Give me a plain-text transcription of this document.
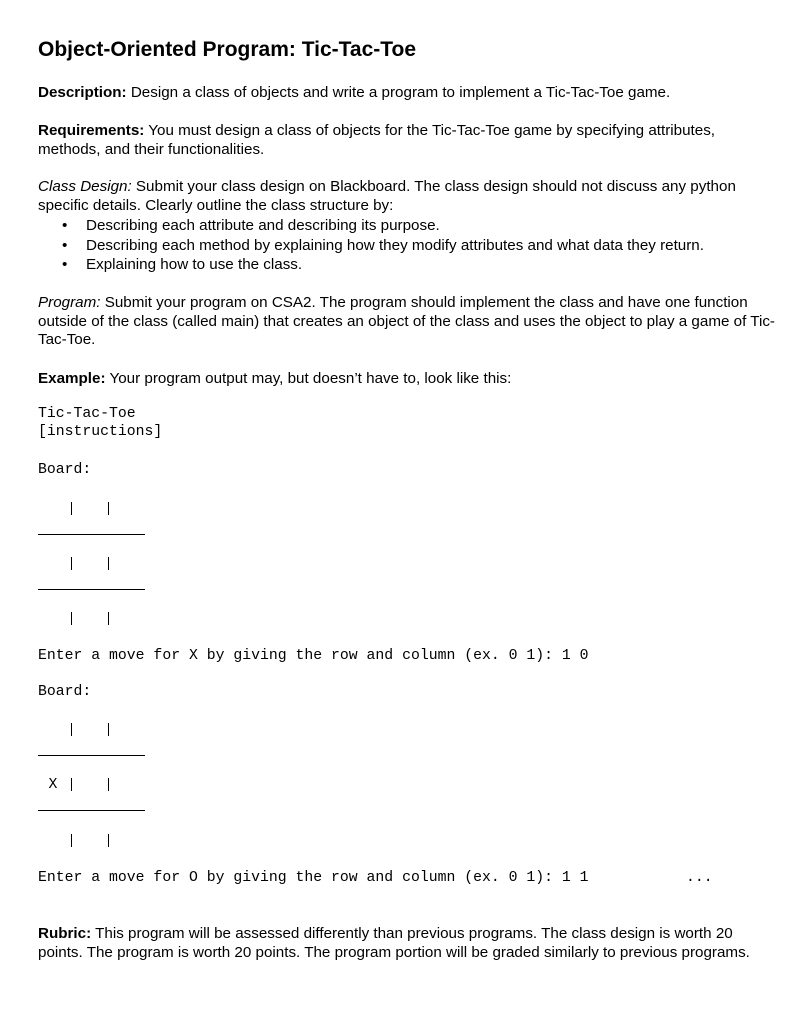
Object-Oriented Program: Tic-Tac-Toe

Description: Design a class of objects and write a program to implement a Tic-Tac-Toe game.

Requirements: You must design a class of objects for the Tic-Tac-Toe game by specifying attributes, methods, and their functionalities.

Class Design: Submit your class design on Blackboard. The class design should not discuss any python specific details. Clearly outline the class structure by:

• Describing each attribute and describing its purpose.
• Describing each method by explaining how they modify attributes and what data they return.
• Explaining how to use the class.

Program: Submit your program on CSA2. The program should implement the class and have one function outside of the class (called main) that creates an object of the class and uses the object to play a game of Tic-Tac-Toe.

Example: Your program output may, but doesn’t have to, look like this:

Tic-Tac-Toe
[instructions]
Board:
Enter a move for X by giving the row and column (ex. 0 1): 1 0
Board:
X
Enter a move for O by giving the row and column (ex. 0 1): 1 1	...

Rubric: This program will be assessed differently than previous programs. The class design is worth 20 points. The program is worth 20 points. The program portion will be graded similarly to previous programs.
